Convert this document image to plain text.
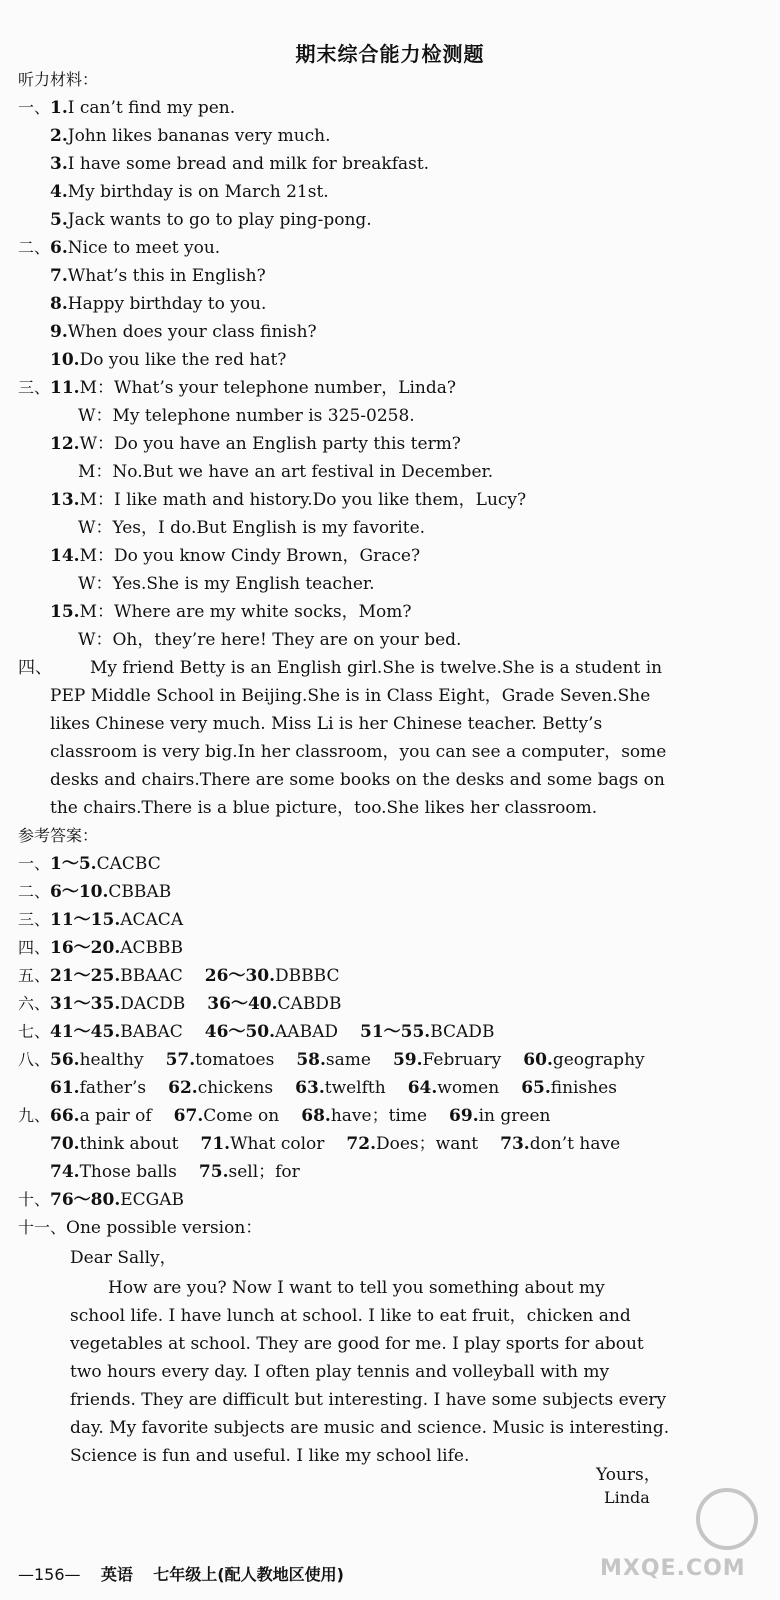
期末综合能力检测题
听力材料：
一、1.I can’t find my pen.
2.John likes bananas very much.
3.I have some bread and milk for breakfast.
4.My birthday is on March 21st.
5.Jack wants to go to play ping-pong.
二、6.Nice to meet you.
7.What’s this in English?
8.Happy birthday to you.
9.When does your class finish?
10.Do you like the red hat?
三、11.M：What’s your telephone number，Linda?
W：My telephone number is 325-0258.
12.W：Do you have an English party this term?
M：No.But we have an art festival in December.
13.M：I like math and history.Do you like them，Lucy?
W：Yes，I do.But English is my favorite.
14.M：Do you know Cindy Brown，Grace?
W：Yes.She is my English teacher.
15.M：Where are my white socks，Mom?
W：Oh，they’re here! They are on your bed.
四、 My friend Betty is an English girl.She is twelve.She is a student in
PEP Middle School in Beijing.She is in Class Eight，Grade Seven.She
likes Chinese very much. Miss Li is her Chinese teacher. Betty’s
classroom is very big.In her classroom，you can see a computer，some
desks and chairs.There are some books on the desks and some bags on
the chairs.There is a blue picture，too.She likes her classroom.
参考答案：
一、1～5.CACBC
二、6～10.CBBAB
三、11～15.ACACA
四、16～20.ACBBB
五、21～25.BBAAC 26～30.DBBBC
六、31～35.DACDB 36～40.CABDB
七、41～45.BABAC 46～50.AABAD 51～55.BCADB
八、56.healthy 57.tomatoes 58.same 59.February 60.geography
61.father’s 62.chickens 63.twelfth 64.women 65.finishes
九、66.a pair of 67.Come on 68.have；time 69.in green
70.think about 71.What color 72.Does；want 73.don’t have
74.Those balls 75.sell；for
十、76～80.ECGAB
十一、One possible version：
Dear Sally，
How are you? Now I want to tell you something about my
school life. I have lunch at school. I like to eat fruit，chicken and
vegetables at school. They are good for me. I play sports for about
two hours every day. I often play tennis and volleyball with my
friends. They are difficult but interesting. I have some subjects every
day. My favorite subjects are music and science. Music is interesting.
Science is fun and useful. I like my school life.
Yours，
Linda
MXQE.COM
—156— 英语 七年级上(配人教地区使用)
